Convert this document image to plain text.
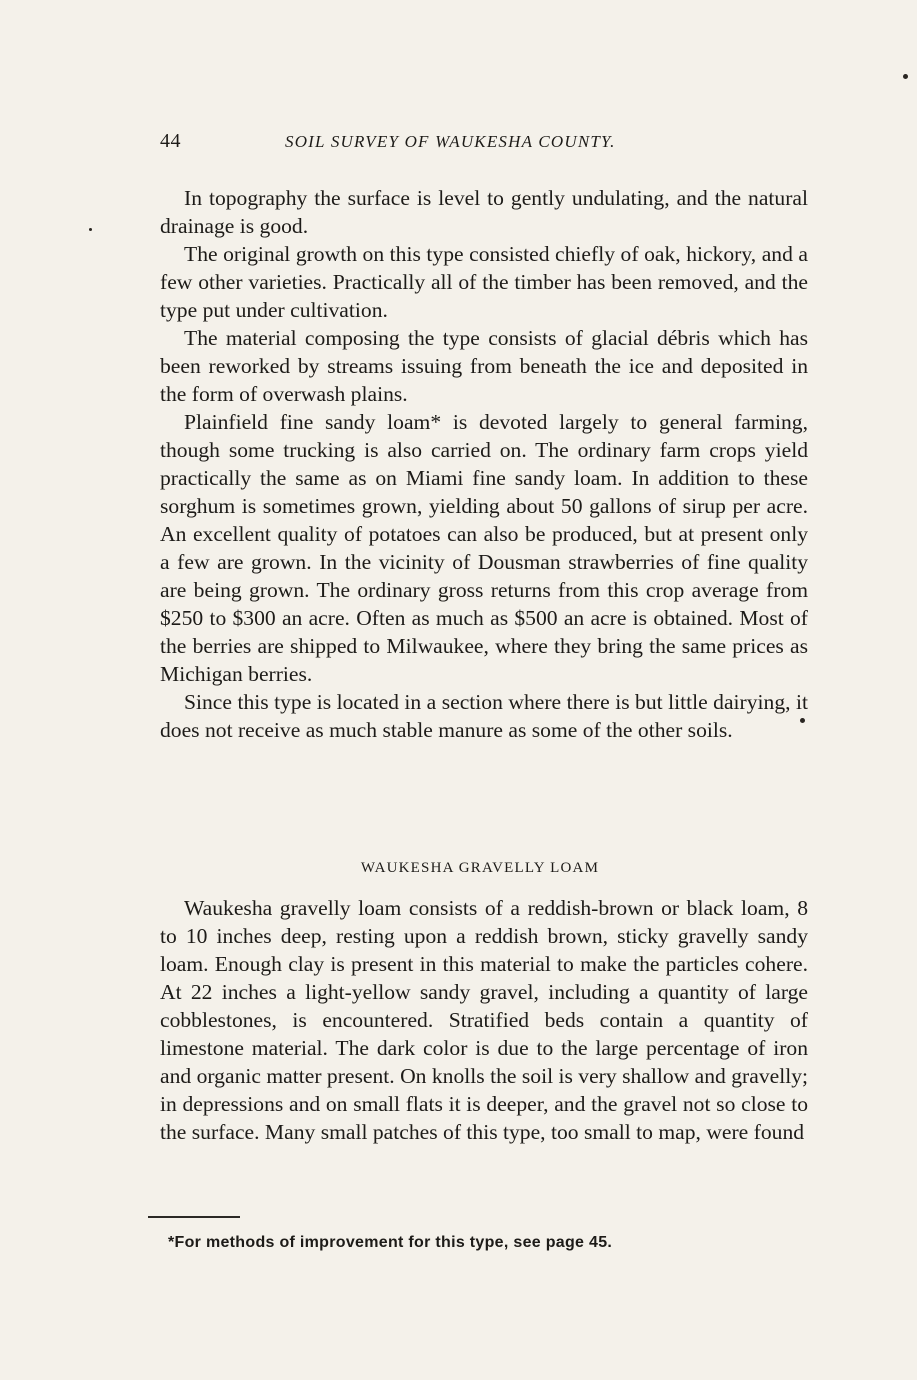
44	SOIL SURVEY OF WAUKESHA COUNTY.

In topography the surface is level to gently undulating, and the natural drainage is good.

The original growth on this type consisted chiefly of oak, hickory, and a few other varieties. Practically all of the timber has been removed, and the type put under cultivation.

The material composing the type consists of glacial débris which has been reworked by streams issuing from beneath the ice and deposited in the form of overwash plains.

Plainfield fine sandy loam* is devoted largely to general farming, though some trucking is also carried on. The ordinary farm crops yield practically the same as on Miami fine sandy loam. In addition to these sorghum is sometimes grown, yielding about 50 gallons of sirup per acre. An excellent quality of potatoes can also be produced, but at present only a few are grown. In the vicinity of Dousman strawberries of fine quality are being grown. The ordinary gross returns from this crop average from $250 to $300 an acre. Often as much as $500 an acre is obtained. Most of the berries are shipped to Milwaukee, where they bring the same prices as Michigan berries.

Since this type is located in a section where there is but little dairying, it does not receive as much stable manure as some of the other soils.

WAUKESHA GRAVELLY LOAM

Waukesha gravelly loam consists of a reddish-brown or black loam, 8 to 10 inches deep, resting upon a reddish brown, sticky gravelly sandy loam. Enough clay is present in this material to make the particles cohere. At 22 inches a light-yellow sandy gravel, including a quantity of large cobblestones, is encountered. Stratified beds contain a quantity of limestone material. The dark color is due to the large percentage of iron and organic matter present. On knolls the soil is very shallow and gravelly; in depressions and on small flats it is deeper, and the gravel not so close to the surface. Many small patches of this type, too small to map, were found

*For methods of improvement for this type, see page 45.
